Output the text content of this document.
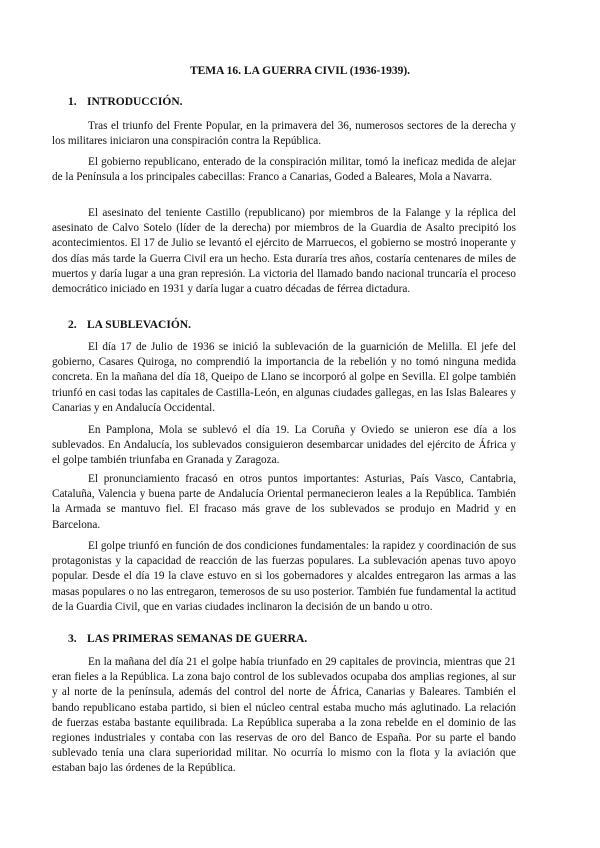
TEMA 16. LA GUERRA CIVIL (1936-1939).
1. INTRODUCCIÓN.

Tras el triunfo del Frente Popular, en la primavera del 36, numerosos sectores de la derecha y los militares iniciaron una conspiración contra la República.

El gobierno republicano, enterado de la conspiración militar, tomó la ineficaz medida de alejar de la Península a los principales cabecillas: Franco a Canarias, Goded a Baleares, Mola a Navarra.

El asesinato del teniente Castillo (republicano) por miembros de la Falange y la réplica del asesinato de Calvo Sotelo (líder de la derecha) por miembros de la Guardia de Asalto precipitó los acontecimientos. El 17 de Julio se levantó el ejército de Marruecos, el gobierno se mostró inoperante y dos días más tarde la Guerra Civil era un hecho. Esta duraría tres años, costaría centenares de miles de muertos y daría lugar a una gran represión. La victoria del llamado bando nacional truncaría el proceso democrático iniciado en 1931 y daría lugar a cuatro décadas de férrea dictadura.

2. LA SUBLEVACIÓN.

El día 17 de Julio de 1936 se inició la sublevación de la guarnición de Melilla. El jefe del gobierno, Casares Quiroga, no comprendió la importancia de la rebelión y no tomó ninguna medida concreta. En la mañana del día 18, Queipo de Llano se incorporó al golpe en Sevilla. El golpe también triunfó en casi todas las capitales de Castilla-León, en algunas ciudades gallegas, en las Islas Baleares y Canarias y en Andalucía Occidental.

En Pamplona, Mola se sublevó el día 19. La Coruña y Oviedo se unieron ese día a los sublevados. En Andalucía, los sublevados consiguieron desembarcar unidades del ejército de África y el golpe también triunfaba en Granada y Zaragoza.

El pronunciamiento fracasó en otros puntos importantes: Asturias, País Vasco, Cantabria, Cataluña, Valencia y buena parte de Andalucía Oriental permanecieron leales a la República. También la Armada se mantuvo fiel. El fracaso más grave de los sublevados se produjo en Madrid y en Barcelona.

El golpe triunfó en función de dos condiciones fundamentales: la rapidez y coordinación de sus protagonistas y la capacidad de reacción de las fuerzas populares. La sublevación apenas tuvo apoyo popular. Desde el día 19 la clave estuvo en si los gobernadores y alcaldes entregaron las armas a las masas populares o no las entregaron, temerosos de su uso posterior. También fue fundamental la actitud de la Guardia Civil, que en varias ciudades inclinaron la decisión de un bando u otro.

3. LAS PRIMERAS SEMANAS DE GUERRA.

En la mañana del día 21 el golpe había triunfado en 29 capitales de provincia, mientras que 21 eran fieles a la República. La zona bajo control de los sublevados ocupaba dos amplias regiones, al sur y al norte de la península, además del control del norte de África, Canarias y Baleares. También el bando republicano estaba partido, si bien el núcleo central estaba mucho más aglutinado. La relación de fuerzas estaba bastante equilibrada. La República superaba a la zona rebelde en el dominio de las regiones industriales y contaba con las reservas de oro del Banco de España. Por su parte el bando sublevado tenía una clara superioridad militar. No ocurría lo mismo con la flota y la aviación que estaban bajo las órdenes de la República.
